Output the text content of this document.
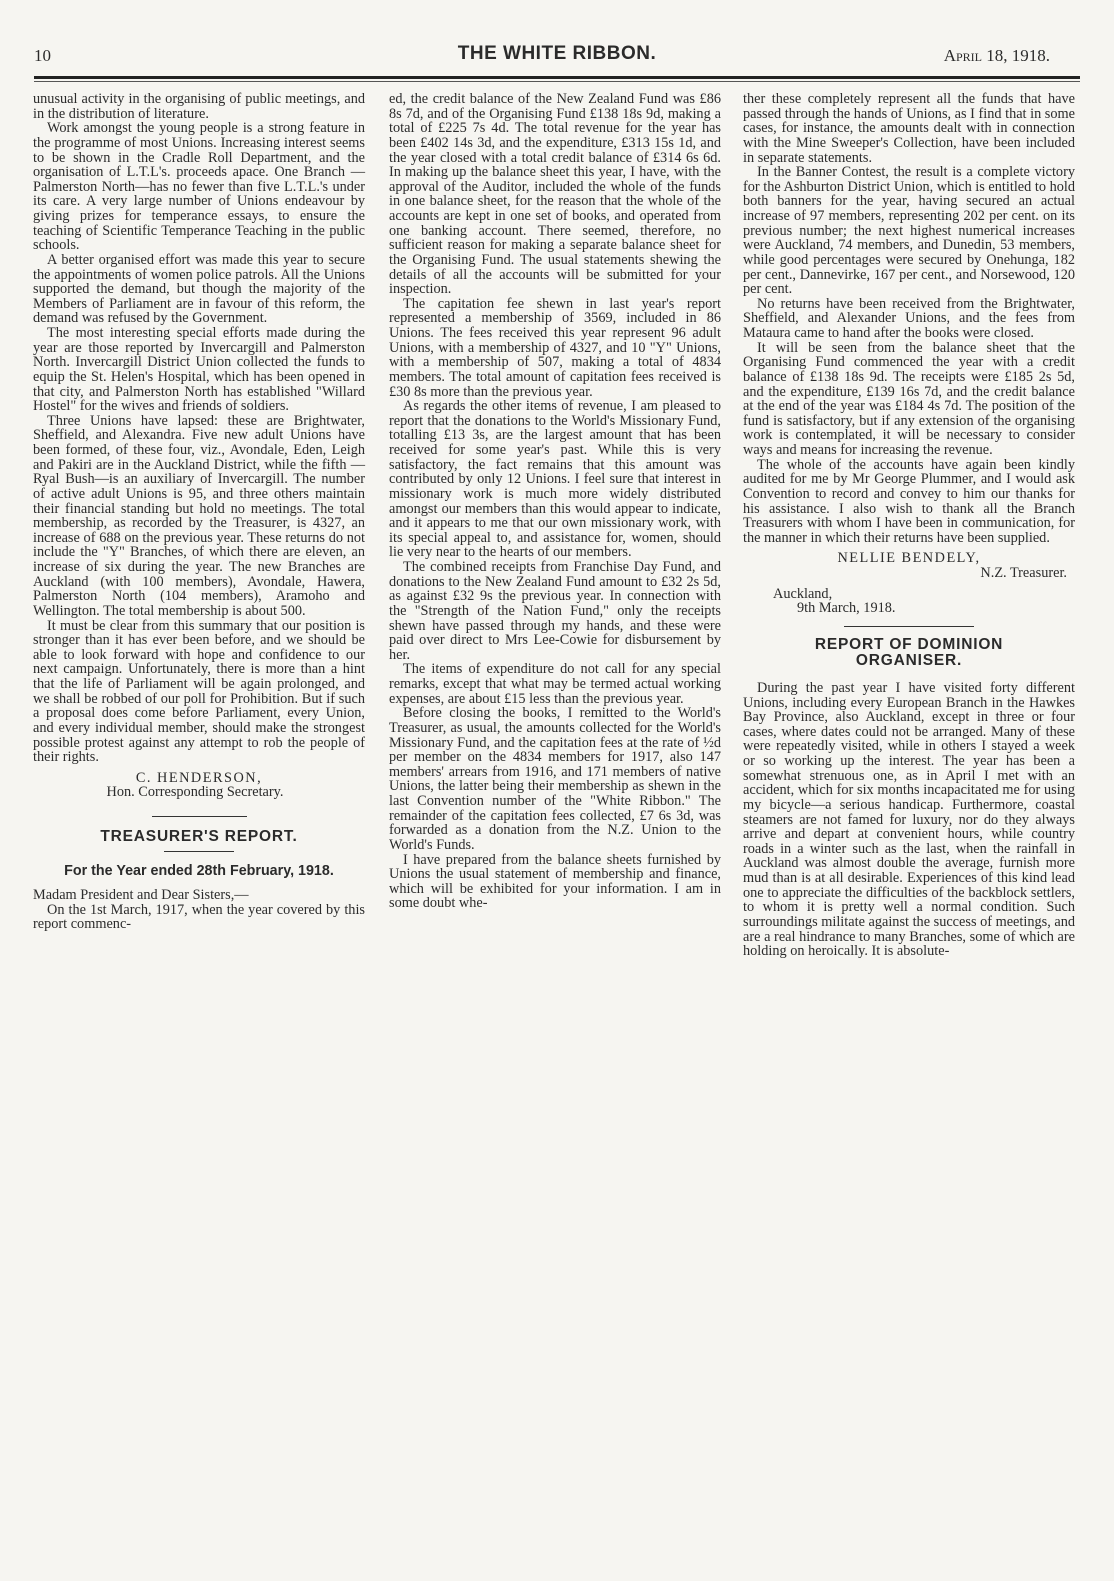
10	THE WHITE RIBBON.	April 18, 1918.

unusual activity in the organising of public meetings, and in the distribution of literature.

Work amongst the young people is a strong feature in the programme of most Unions. Increasing interest seems to be shown in the Cradle Roll Department, and the organisation of L.T.L's. proceeds apace. One Branch —Palmerston North—has no fewer than five L.T.L.'s under its care. A very large number of Unions endeavour by giving prizes for temperance essays, to ensure the teaching of Scientific Temperance Teaching in the public schools.

A better organised effort was made this year to secure the appointments of women police patrols. All the Unions supported the demand, but though the majority of the Members of Parliament are in favour of this reform, the demand was refused by the Government.

The most interesting special efforts made during the year are those reported by Invercargill and Palmerston North. Invercargill District Union collected the funds to equip the St. Helen's Hospital, which has been opened in that city, and Palmerston North has established "Willard Hostel" for the wives and friends of soldiers.

Three Unions have lapsed: these are Brightwater, Sheffield, and Alexandra. Five new adult Unions have been formed, of these four, viz., Avondale, Eden, Leigh and Pakiri are in the Auckland District, while the fifth —Ryal Bush—is an auxiliary of Invercargill. The number of active adult Unions is 95, and three others maintain their financial standing but hold no meetings. The total membership, as recorded by the Treasurer, is 4327, an increase of 688 on the previous year. These returns do not include the "Y" Branches, of which there are eleven, an increase of six during the year. The new Branches are Auckland (with 100 members), Avondale, Hawera, Palmerston North (104 members), Aramoho and Wellington. The total membership is about 500.

It must be clear from this summary that our position is stronger than it has ever been before, and we should be able to look forward with hope and confidence to our next campaign. Unfortunately, there is more than a hint that the life of Parliament will be again prolonged, and we shall be robbed of our poll for Prohibition. But if such a proposal does come before Parliament, every Union, and every individual member, should make the strongest possible protest against any attempt to rob the people of their rights.

C. HENDERSON,
Hon. Corresponding Secretary.
TREASURER'S REPORT.
For the Year ended 28th February, 1918.

Madam President and Dear Sisters,—

On the 1st March, 1917, when the year covered by this report commenc-

ed, the credit balance of the New Zealand Fund was £86 8s 7d, and of the Organising Fund £138 18s 9d, making a total of £225 7s 4d. The total revenue for the year has been £402 14s 3d, and the expenditure, £313 15s 1d, and the year closed with a total credit balance of £314 6s 6d. In making up the balance sheet this year, I have, with the approval of the Auditor, included the whole of the funds in one balance sheet, for the reason that the whole of the accounts are kept in one set of books, and operated from one banking account. There seemed, therefore, no sufficient reason for making a separate balance sheet for the Organising Fund. The usual statements shewing the details of all the accounts will be submitted for your inspection.

The capitation fee shewn in last year's report represented a membership of 3569, included in 86 Unions. The fees received this year represent 96 adult Unions, with a membership of 4327, and 10 "Y" Unions, with a membership of 507, making a total of 4834 members. The total amount of capitation fees received is £30 8s more than the previous year.

As regards the other items of revenue, I am pleased to report that the donations to the World's Missionary Fund, totalling £13 3s, are the largest amount that has been received for some year's past. While this is very satisfactory, the fact remains that this amount was contributed by only 12 Unions. I feel sure that interest in missionary work is much more widely distributed amongst our members than this would appear to indicate, and it appears to me that our own missionary work, with its special appeal to, and assistance for, women, should lie very near to the hearts of our members.

The combined receipts from Franchise Day Fund, and donations to the New Zealand Fund amount to £32 2s 5d, as against £32 9s the previous year. In connection with the "Strength of the Nation Fund," only the receipts shewn have passed through my hands, and these were paid over direct to Mrs Lee-Cowie for disbursement by her.

The items of expenditure do not call for any special remarks, except that what may be termed actual working expenses, are about £15 less than the previous year.

Before closing the books, I remitted to the World's Treasurer, as usual, the amounts collected for the World's Missionary Fund, and the capitation fees at the rate of ½d per member on the 4834 members for 1917, also 147 members' arrears from 1916, and 171 members of native Unions, the latter being their membership as shewn in the last Convention number of the "White Ribbon." The remainder of the capitation fees collected, £7 6s 3d, was forwarded as a donation from the N.Z. Union to the World's Funds.

I have prepared from the balance sheets furnished by Unions the usual statement of membership and finance, which will be exhibited for your information. I am in some doubt whe-

ther these completely represent all the funds that have passed through the hands of Unions, as I find that in some cases, for instance, the amounts dealt with in connection with the Mine Sweeper's Collection, have been included in separate statements.

In the Banner Contest, the result is a complete victory for the Ashburton District Union, which is entitled to hold both banners for the year, having secured an actual increase of 97 members, representing 202 per cent. on its previous number; the next highest numerical increases were Auckland, 74 members, and Dunedin, 53 members, while good percentages were secured by Onehunga, 182 per cent., Dannevirke, 167 per cent., and Norsewood, 120 per cent.

No returns have been received from the Brightwater, Sheffield, and Alexander Unions, and the fees from Mataura came to hand after the books were closed.

It will be seen from the balance sheet that the Organising Fund commenced the year with a credit balance of £138 18s 9d. The receipts were £185 2s 5d, and the expenditure, £139 16s 7d, and the credit balance at the end of the year was £184 4s 7d. The position of the fund is satisfactory, but if any extension of the organising work is contemplated, it will be necessary to consider ways and means for increasing the revenue.

The whole of the accounts have again been kindly audited for me by Mr George Plummer, and I would ask Convention to record and convey to him our thanks for his assistance. I also wish to thank all the Branch Treasurers with whom I have been in communication, for the manner in which their returns have been supplied.

NELLIE BENDELY,
N.Z. Treasurer.
Auckland,
9th March, 1918.
REPORT OF DOMINION ORGANISER.

During the past year I have visited forty different Unions, including every European Branch in the Hawkes Bay Province, also Auckland, except in three or four cases, where dates could not be arranged. Many of these were repeatedly visited, while in others I stayed a week or so working up the interest. The year has been a somewhat strenuous one, as in April I met with an accident, which for six months incapacitated me for using my bicycle—a serious handicap. Furthermore, coastal steamers are not famed for luxury, nor do they always arrive and depart at convenient hours, while country roads in a winter such as the last, when the rainfall in Auckland was almost double the average, furnish more mud than is at all desirable. Experiences of this kind lead one to appreciate the difficulties of the backblock settlers, to whom it is pretty well a normal condition. Such surroundings militate against the success of meetings, and are a real hindrance to many Branches, some of which are holding on heroically. It is absolute-
